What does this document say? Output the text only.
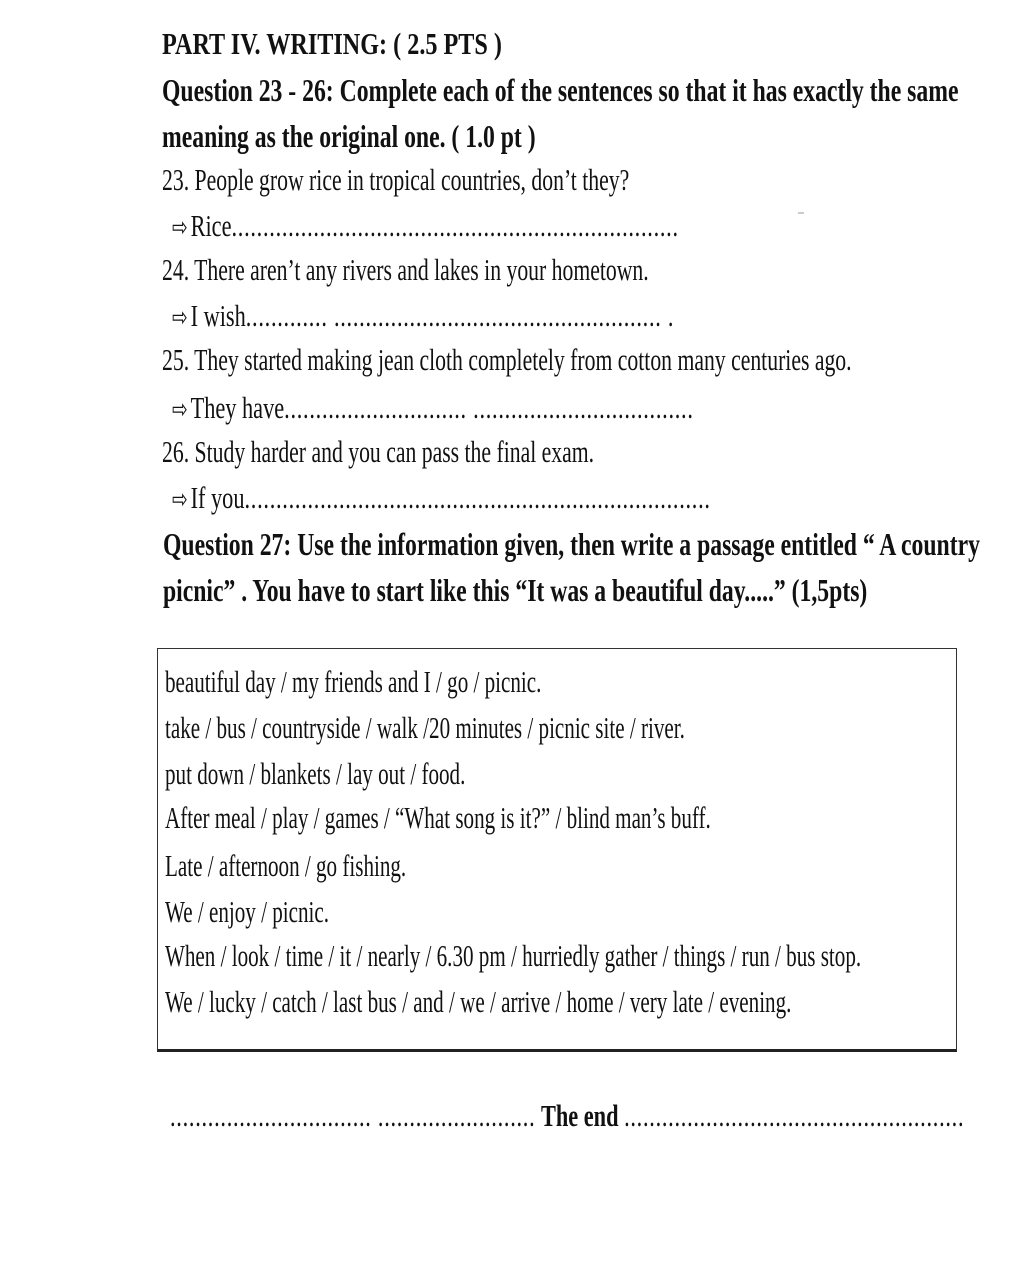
PART IV. WRITING: ( 2.5 PTS )
Question 23 - 26: Complete each of the sentences so that it has exactly the same
meaning as the original one. ( 1.0 pt )
23. People grow rice in tropical countries, don’t they?
⇨Rice.......................................................................
24. There aren’t any rivers and lakes in your hometown.
⇨I wish............. .................................................... .
25. They started making jean cloth completely from cotton many centuries ago.
⇨They have............................. ...................................
26. Study harder and you can pass the final exam.
⇨If you..........................................................................
Question 27: Use the information given, then write a passage entitled “ A country
picnic” . You have to start like this “It was a beautiful day.....” (1,5pts)
beautiful day / my friends and I / go / picnic.
take / bus / countryside / walk /20 minutes / picnic site / river.
put down / blankets / lay out / food.
After meal / play / games / “What song is it?” / blind man’s buff.
Late / afternoon / go fishing.
We / enjoy / picnic.
When / look / time / it / nearly / 6.30 pm / hurriedly gather / things / run / bus stop.
We / lucky / catch / last bus / and / we / arrive / home / very late / evening.
................................ ......................... The end ......................................................
